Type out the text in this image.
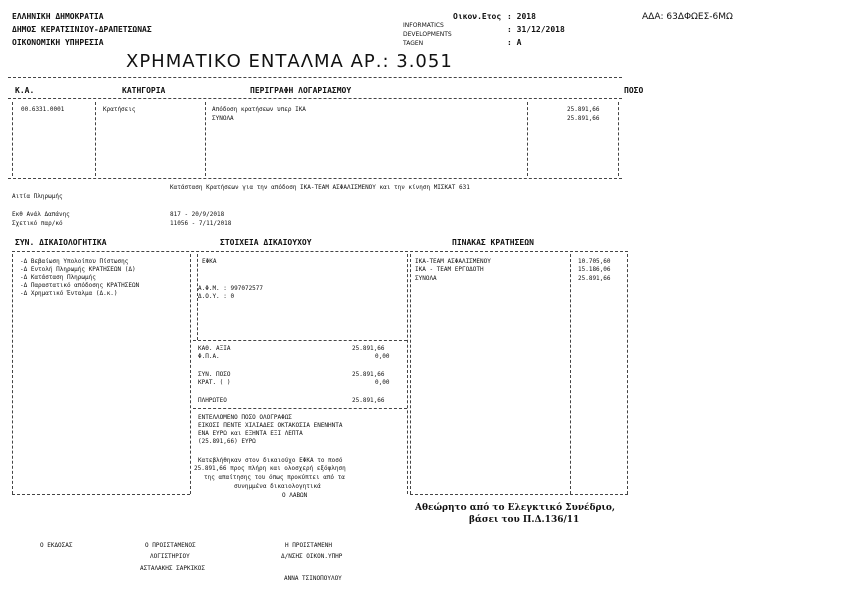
ΕΛΛΗΝΙΚΗ ΔΗΜΟΚΡΑΤΙΑ
ΔΗΜΟΣ ΚΕΡΑΤΣΙΝΙΟΥ-ΔΡΑΠΕΤΣΩΝΑΣ
ΟΙΚΟΝΟΜΙΚΗ ΥΠΗΡΕΣΙΑ
Οικον.Ετος : 2018
: 31/12/2018
: Α
INFORMATICS
DEVELOPMENTS
TAGEN
ΑΔΑ: 63ΔΦΩΕΣ-6ΜΩ
ΧΡΗΜΑΤΙΚΟ ΕΝΤΑΛΜΑ ΑΡ.: 3.051
Κ.Α.	ΚΑΤΗΓΟΡΙΑ	ΠΕΡΙΓΡΑΦΗ ΛΟΓΑΡΙΑΣΜΟΥ	ΠΟΣΟ
00.6331.0001	Κρατήσεις	Απόδοση κρατήσεων υπερ ΙΚΑ	25.891,66
ΣΥΝΟΛΑ	25.891,66
Κατάσταση Κρατήσεων για την απόδοση ΙΚΑ-ΤΕΑΜ ΑΣΦΑΛΙΣΜΕΝΟΥ και την κίνηση ΜΙΣΚΑΤ 631
Αιτία Πληρωμής
Εκθ Ανάλ Δαπάνης	817 - 20/9/2018
Σχετικό παρ/κό	11056 - 7/11/2018
ΣΥΝ. ΔΙΚΑΙΟΛΟΓΗΤΙΚΑ	ΣΤΟΙΧΕΙΑ ΔΙΚΑΙΟΥΧΟΥ	ΠΙΝΑΚΑΣ ΚΡΑΤΗΣΕΩΝ
-Δ Βεβαίωση Υπολοίπου Πίστωσης
-Δ Εντολή Πληρωμής ΚΡΑΤΗΣΕΩΝ (Δ)
-Δ Κατάσταση Πληρωμής
-Δ Παραστατικό απόδοσης ΚΡΑΤΗΣΕΩΝ
-Δ Χρηματικό Ένταλμα (Δ.κ.)
ΕΦΚΑ
Α.Φ.Μ. : 997072577
Δ.Ο.Υ. : 0
ΚΑΘ. ΑΞΙΑ	25.891,66
Φ.Π.Α.	0,00
ΣΥΝ. ΠΟΣΟ	25.891,66
ΚΡΑΤ. ( )	0,00
ΠΛΗΡΩΤΕΟ	25.891,66
ΕΝΤΕΛΛΟΜΕΝΟ ΠΟΣΟ ΟΛΟΓΡΑΦΩΣ
ΕΙΚΟΣΙ ΠΕΝΤΕ ΧΙΛΙΑΔΕΣ ΟΚΤΑΚΟΣΙΑ ΕΝΕΝΗΝΤΑ
ΕΝΑ ΕΥΡΩ και ΕΞΗΝΤΑ ΕΞΙ ΛΕΠΤΑ
(25.891,66) ΕΥΡΩ
Κατεβλήθηκαν στον δικαιούχο ΕΦΚΑ το ποσό
25.891,66 προς πλήρη και ολοσχερή εξόφληση
της απαίτησης του όπως προκύπτει από τα
συνημμένα δικαιολογητικά
Ο ΛΑΒΩΝ
ΙΚΑ-ΤΕΑΜ ΑΣΦΑΛΙΣΜΕΝΟΥ	10.705,60
ΙΚΑ - ΤΕΑΜ ΕΡΓΟΔΟΤΗ	15.186,06
ΣΥΝΟΛΑ	25.891,66
Αθεώρητο από το Ελεγκτικό Συνέδριο,
βάσει του Π.Δ.136/11
Ο ΕΚΔΟΣΑΣ	Ο ΠΡΟΙΣΤΑΜΕΝΟΣ
ΛΟΓΙΣΤΗΡΙΟΥ
ΑΣΤΑΛΑΚΗΣ ΣΑΡΚΙΚΟΣ
Η ΠΡΟΙΣΤΑΜΕΝΗ
Δ/ΝΣΗΣ ΟΙΚΟΝ.ΥΠΗΡ
ΑΝΝΑ ΤΣΙΝΟΠΟΥΛΟΥ
